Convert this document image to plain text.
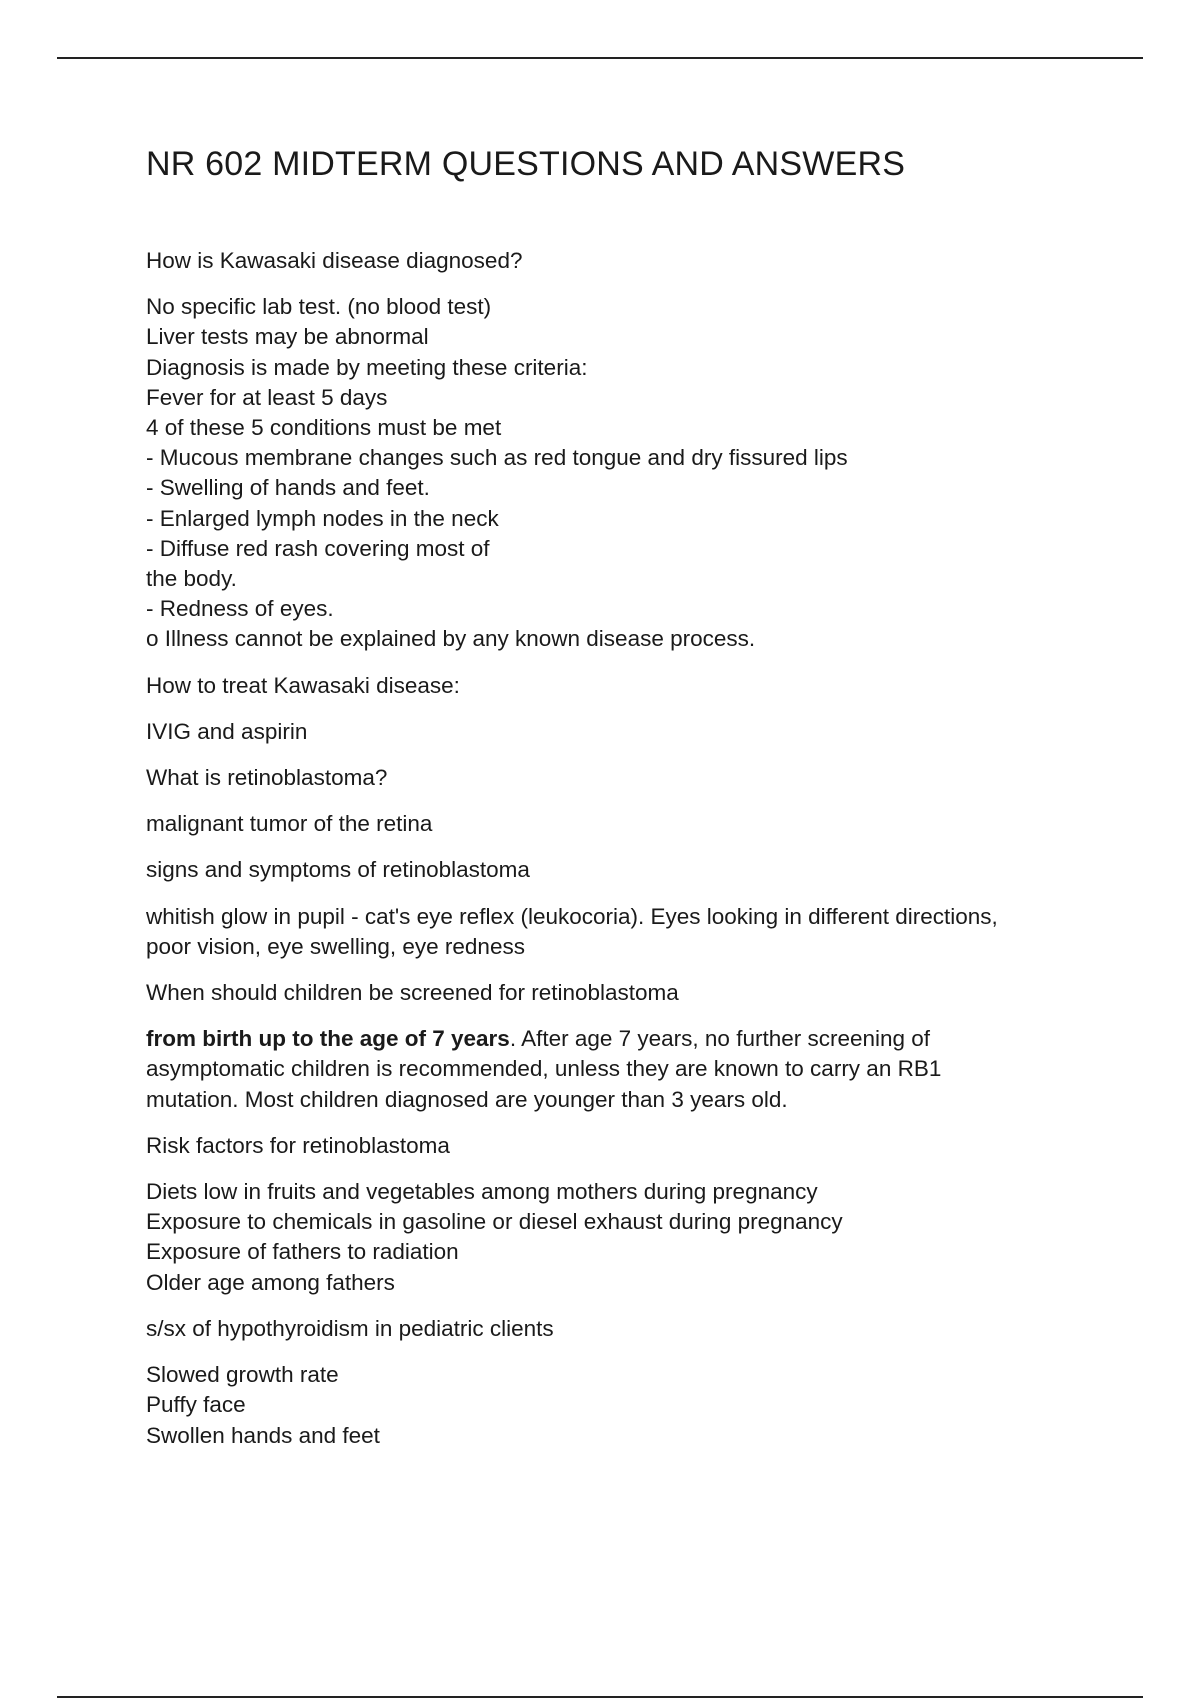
NR 602 MIDTERM QUESTIONS AND ANSWERS

How is Kawasaki disease diagnosed?

No specific lab test. (no blood test)
Liver tests may be abnormal
Diagnosis is made by meeting these criteria:
Fever for at least 5 days
4 of these 5 conditions must be met
- Mucous membrane changes such as red tongue and dry fissured lips
- Swelling of hands and feet.
- Enlarged lymph nodes in the neck
- Diffuse red rash covering most of
the body.
- Redness of eyes.
o Illness cannot be explained by any known disease process.

How to treat Kawasaki disease:

IVIG and aspirin

What is retinoblastoma?

malignant tumor of the retina

signs and symptoms of retinoblastoma

whitish glow in pupil - cat's eye reflex (leukocoria). Eyes looking in different directions,
poor vision, eye swelling, eye redness

When should children be screened for retinoblastoma

from birth up to the age of 7 years. After age 7 years, no further screening of
asymptomatic children is recommended, unless they are known to carry an RB1
mutation. Most children diagnosed are younger than 3 years old.

Risk factors for retinoblastoma

Diets low in fruits and vegetables among mothers during pregnancy
Exposure to chemicals in gasoline or diesel exhaust during pregnancy
Exposure of fathers to radiation
Older age among fathers

s/sx of hypothyroidism in pediatric clients

Slowed growth rate
Puffy face
Swollen hands and feet
